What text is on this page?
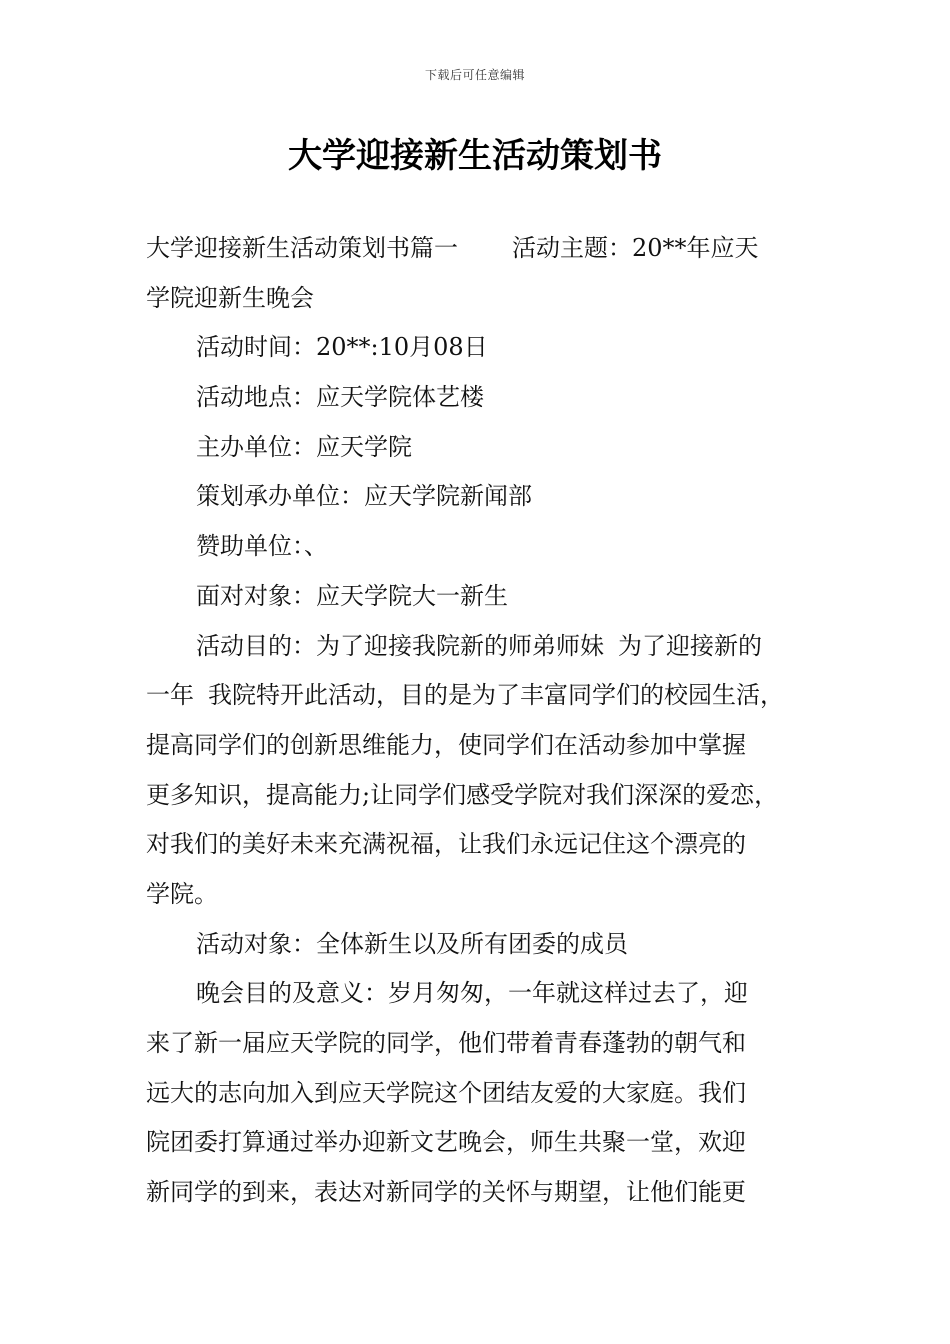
下载后可任意编辑
大学迎接新生活动策划书
大学迎接新生活动策划书篇一 活动主题：20**年应天
学院迎新生晚会
活动时间：20**:10月08日
活动地点：应天学院体艺楼
主办单位：应天学院
策划承办单位：应天学院新闻部
赞助单位：、
面对对象：应天学院大一新生
活动目的：为了迎接我院新的师弟师妹 为了迎接新的
一年 我院特开此活动，目的是为了丰富同学们的校园生活，
提高同学们的创新思维能力，使同学们在活动参加中掌握
更多知识，提高能力;让同学们感受学院对我们深深的爱恋，
对我们的美好未来充满祝福，让我们永远记住这个漂亮的
学院。
活动对象：全体新生以及所有团委的成员
晚会目的及意义：岁月匆匆，一年就这样过去了，迎
来了新一届应天学院的同学，他们带着青春蓬勃的朝气和
远大的志向加入到应天学院这个团结友爱的大家庭。我们
院团委打算通过举办迎新文艺晚会，师生共聚一堂，欢迎
新同学的到来，表达对新同学的关怀与期望，让他们能更
